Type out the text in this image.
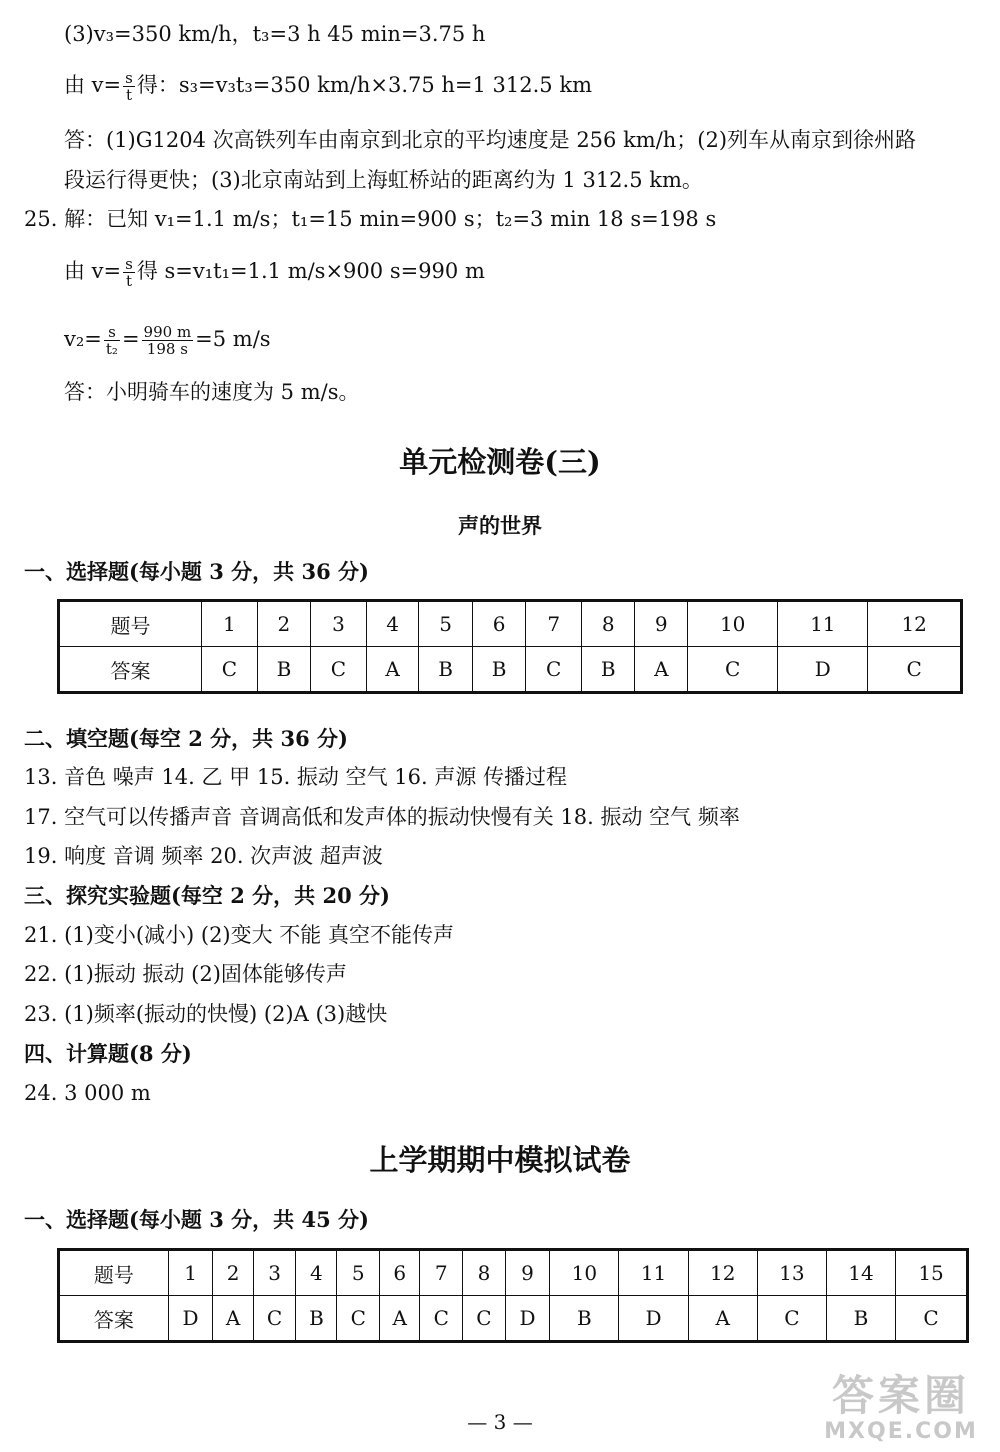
(3)v₃=350 km/h，t₃=3 h 45 min=3.75 h
由 $v= \frac{s}{t}$ 得：s₃=v₃t₃=350 km/h×3.75 h=1 312.5 km
答：(1)G1204 次高铁列车由南京到北京的平均速度是 256 km/h；(2)列车从南京到徐州路
段运行得更快；(3)北京南站到上海虹桥站的距离约为 1 312.5 km。
25. 解：已知 v₁=1.1 m/s；t₁=15 min=900 s；t₂=3 min 18 s=198 s
由 $v= \frac{s}{t}$ 得 s=v₁t₁=1.1 m/s×900 s=990 m
$v_2= \frac{s}{\text{t₂}} = \frac{990 m}{198 s} =5$ m/s
答：小明骑车的速度为 5 m/s。
单元检测卷(三)
声的世界
一、选择题(每小题 3 分，共 36 分)
题号	1	2	3	4	5	6	7	8	9	10	11	12
答案	C	B	C	A	B	B	C	B	A	C	D	C
二、填空题(每空 2 分，共 36 分)
13. 音色 噪声 14. 乙 甲 15. 振动 空气 16. 声源 传播过程
17. 空气可以传播声音 音调高低和发声体的振动快慢有关 18. 振动 空气 频率
19. 响度 音调 频率 20. 次声波 超声波
三、探究实验题(每空 2 分，共 20 分)
21. (1)变小(减小) (2)变大 不能 真空不能传声
22. (1)振动 振动 (2)固体能够传声
23. (1)频率(振动的快慢) (2)A (3)越快
四、计算题(8 分)
24. 3 000 m
上学期期中模拟试卷
一、选择题(每小题 3 分，共 45 分)
题号	1	2	3	4	5	6	7	8	9	10	11	12	13	14	15
答案	D	A	C	B	C	A	C	C	D	B	D	A	C	B	C
— 3 —
答案圈
MXQE.COM
